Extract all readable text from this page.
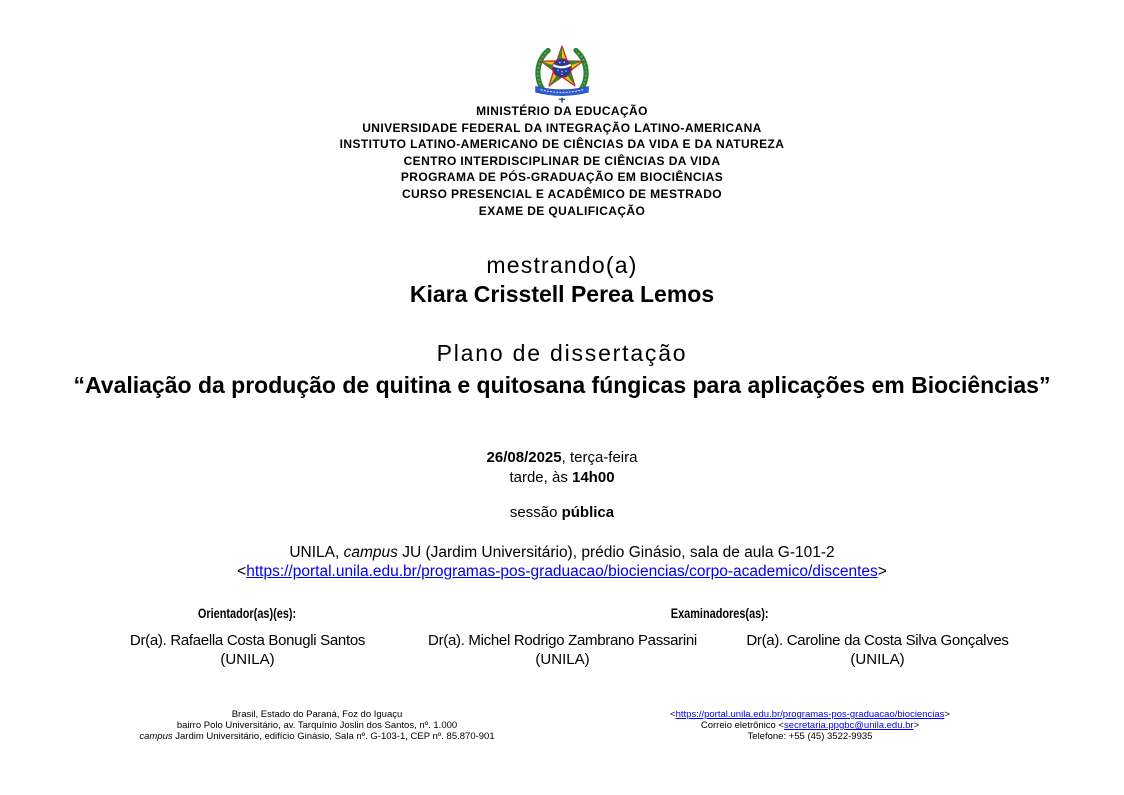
MINISTÉRIO DA EDUCAÇÃO
UNIVERSIDADE FEDERAL DA INTEGRAÇÃO LATINO-AMERICANA
INSTITUTO LATINO-AMERICANO DE CIÊNCIAS DA VIDA E DA NATUREZA
CENTRO INTERDISCIPLINAR DE CIÊNCIAS DA VIDA
PROGRAMA DE PÓS-GRADUAÇÃO EM BIOCIÊNCIAS
CURSO PRESENCIAL E ACADÊMICO DE MESTRADO
EXAME DE QUALIFICAÇÃO
mestrando(a)
Kiara Crisstell Perea Lemos
Plano de dissertação
“Avaliação da produção de quitina e quitosana fúngicas para aplicações em Biociências”
26/08/2025, terça-feira
tarde, às 14h00
sessão pública
UNILA, campus JU (Jardim Universitário), prédio Ginásio, sala de aula G-101-2
<https://portal.unila.edu.br/programas-pos-graduacao/biociencias/corpo-academico/discentes>
Orientador(as)(es):	Examinadores(as):
Dr(a). Rafaella Costa Bonugli Santos	Dr(a). Michel Rodrigo Zambrano Passarini	Dr(a). Caroline da Costa Silva Gonçalves
(UNILA)	(UNILA)	(UNILA)
Brasil, Estado do Paraná, Foz do Iguaçu
bairro Polo Universitário, av. Tarquínio Joslin dos Santos, nº. 1.000
campus Jardim Universitário, edifício Ginásio, Sala nº. G-103-1, CEP nº. 85.870-901
<https://portal.unila.edu.br/programas-pos-graduacao/biociencias>
Correio eletrônico <secretaria.ppgbc@unila.edu.br>
Telefone: +55 (45) 3522-9935
